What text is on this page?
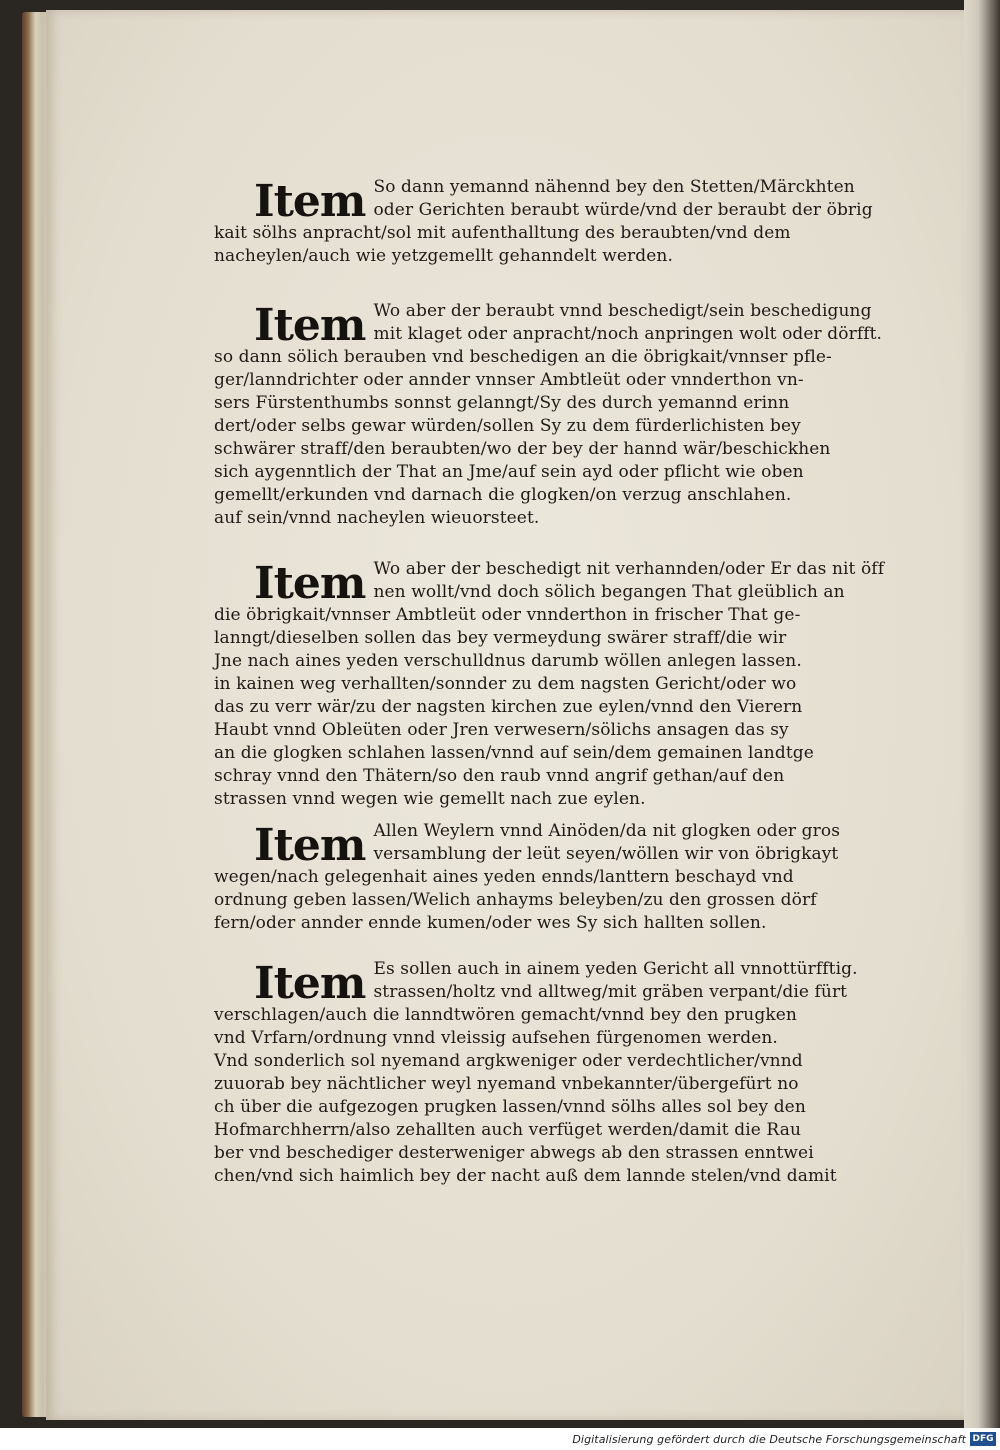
Item So dann yemannd nähennd bey den Stetten/Märckhten
oder Gerichten beraubt würde/vnd der beraubt der öbrig
kait sölhs anpracht/sol mit aufenthalltung des beraubten/vnd dem
nacheylen/auch wie yetzgemellt gehanndelt werden.
Item Wo aber der beraubt vnnd beschedigt/sein beschedigung
mit klaget oder anpracht/noch anpringen wolt oder dörfft.
so dann sölich berauben vnd beschedigen an die öbrigkait/vnnser pfle-
ger/lanndrichter oder annder vnnser Ambtleüt oder vnnderthon vn-
sers Fürstenthumbs sonnst gelanngt/Sy des durch yemannd erinn
dert/oder selbs gewar würden/sollen Sy zu dem fürderlichisten bey
schwärer straff/den beraubten/wo der bey der hannd wär/beschickhen
sich aygenntlich der That an Jme/auf sein ayd oder pflicht wie oben
gemellt/erkunden vnd darnach die glogken/on verzug anschlahen.
auf sein/vnnd nacheylen wieuorsteet.
Item Wo aber der beschedigt nit verhannden/oder Er das nit öff
nen wollt/vnd doch sölich begangen That gleüblich an
die öbrigkait/vnnser Ambtleüt oder vnnderthon in frischer That ge-
lanngt/dieselben sollen das bey vermeydung swärer straff/die wir
Jne nach aines yeden verschulldnus darumb wöllen anlegen lassen.
in kainen weg verhallten/sonnder zu dem nagsten Gericht/oder wo
das zu verr wär/zu der nagsten kirchen zue eylen/vnnd den Vierern
Haubt vnnd Obleüten oder Jren verwesern/sölichs ansagen das sy
an die glogken schlahen lassen/vnnd auf sein/dem gemainen landtge
schray vnnd den Thätern/so den raub vnnd angrif gethan/auf den
strassen vnnd wegen wie gemellt nach zue eylen.
Item Allen Weylern vnnd Ainöden/da nit glogken oder gros
versamblung der leüt seyen/wöllen wir von öbrigkayt
wegen/nach gelegenhait aines yeden ennds/lanttern beschayd vnd
ordnung geben lassen/Welich anhayms beleyben/zu den grossen dörf
fern/oder annder ennde kumen/oder wes Sy sich hallten sollen.
Item Es sollen auch in ainem yeden Gericht all vnnottürfftig.
strassen/holtz vnd alltweg/mit gräben verpant/die fürt
verschlagen/auch die lanndtwören gemacht/vnnd bey den prugken
vnd Vrfarn/ordnung vnnd vleissig aufsehen fürgenomen werden.
Vnd sonderlich sol nyemand argkweniger oder verdechtlicher/vnnd
zuuorab bey nächtlicher weyl nyemand vnbekannter/übergefürt no
ch über die aufgezogen prugken lassen/vnnd sölhs alles sol bey den
Hofmarchherrn/also zehallten auch verfüget werden/damit die Rau
ber vnd beschediger desterweniger abwegs ab den strassen enntwei
chen/vnd sich haimlich bey der nacht auß dem lannde stelen/vnd damit
Digitalisierung gefördert durch die Deutsche Forschungsgemeinschaft DFG
